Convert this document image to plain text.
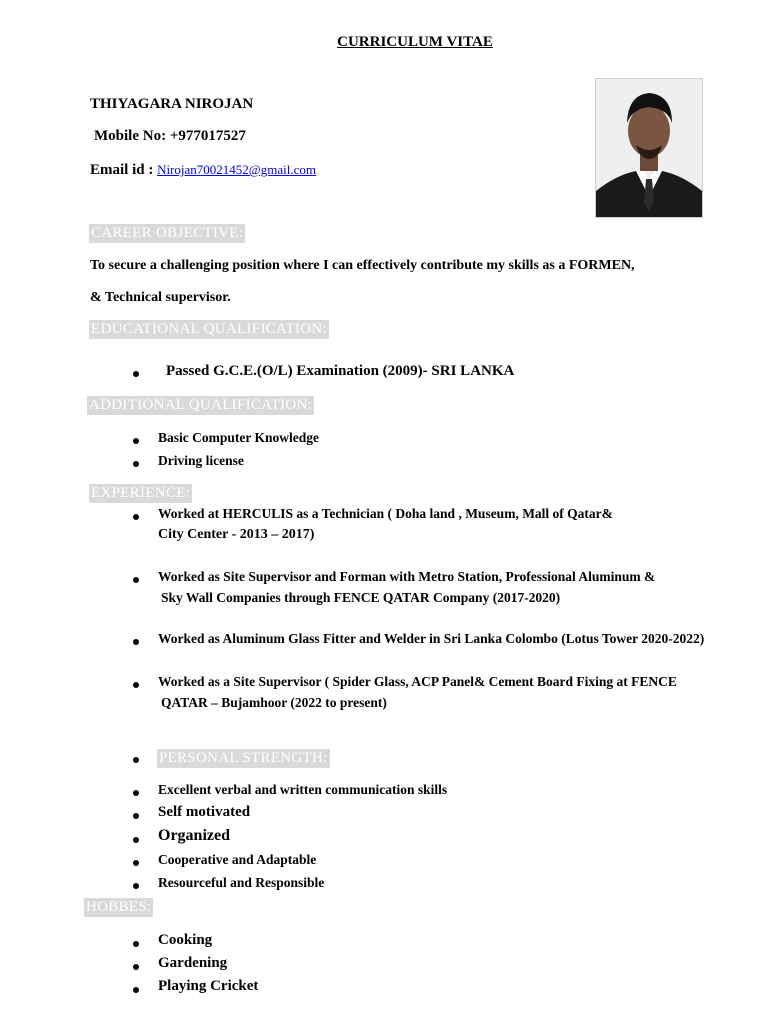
CURRICULUM VITAE
THIYAGARA NIROJAN
Mobile No: +977017527
Email id : Nirojan70021452@gmail.com
CAREER OBJECTIVE:
To secure a challenging position where I can effectively contribute my skills as a FORMEN,
& Technical supervisor.
EDUCATIONAL QUALIFICATION:
Passed G.C.E.(O/L) Examination (2009)- SRI LANKA
ADDITIONAL QUALIFICATION:
Basic Computer Knowledge
Driving license
EXPERIENCE:
Worked at HERCULIS as a Technician ( Doha land , Museum, Mall of Qatar&
City Center - 2013 – 2017)
Worked as Site Supervisor and Forman with Metro Station, Professional Aluminum &
Sky Wall Companies through FENCE QATAR Company (2017-2020)
Worked as Aluminum Glass Fitter and Welder in Sri Lanka Colombo (Lotus Tower 2020-2022)
Worked as a Site Supervisor ( Spider Glass, ACP Panel& Cement Board Fixing at FENCE
QATAR – Bujamhoor (2022 to present)
PERSONAL STRENGTH:
Excellent verbal and written communication skills
Self motivated
Organized
Cooperative and Adaptable
Resourceful and Responsible
HOBBES:
Cooking
Gardening
Playing Cricket
